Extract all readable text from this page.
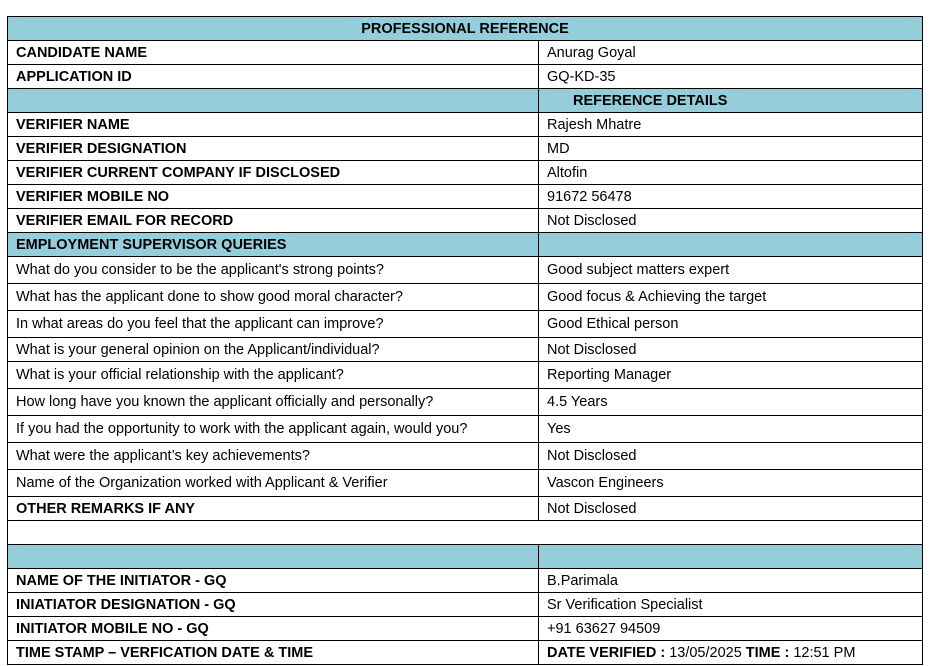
PROFESSIONAL REFERENCE	
CANDIDATE NAME	Anurag Goyal
APPLICATION ID	GQ-KD-35
	REFERENCE DETAILS
VERIFIER NAME	Rajesh Mhatre
VERIFIER DESIGNATION	MD
VERIFIER CURRENT COMPANY IF DISCLOSED	Altofin
VERIFIER MOBILE NO	91672 56478
VERIFIER EMAIL FOR RECORD	Not Disclosed
EMPLOYMENT SUPERVISOR QUERIES	
What do you consider to be the applicant's strong points?	Good subject matters expert
What has the applicant done to show good moral character?	Good focus & Achieving the target
In what areas do you feel that the applicant can improve?	Good Ethical person
What is your general opinion on the Applicant/individual?	Not Disclosed
What is your official relationship with the applicant?	Reporting Manager
How long have you known the applicant officially and personally?	4.5 Years
If you had the opportunity to work with the applicant again, would you?	Yes
What were the applicant’s key achievements?	Not Disclosed
Name of the Organization worked with Applicant & Verifier	Vascon Engineers
OTHER REMARKS IF ANY	Not Disclosed

NAME OF THE INITIATOR - GQ	B.Parimala
INIATIATOR DESIGNATION - GQ	Sr Verification Specialist
INITIATOR MOBILE NO - GQ	+91 63627 94509
TIME STAMP – VERFICATION DATE & TIME	DATE VERIFIED : 13/05/2025 TIME : 12:51 PM
